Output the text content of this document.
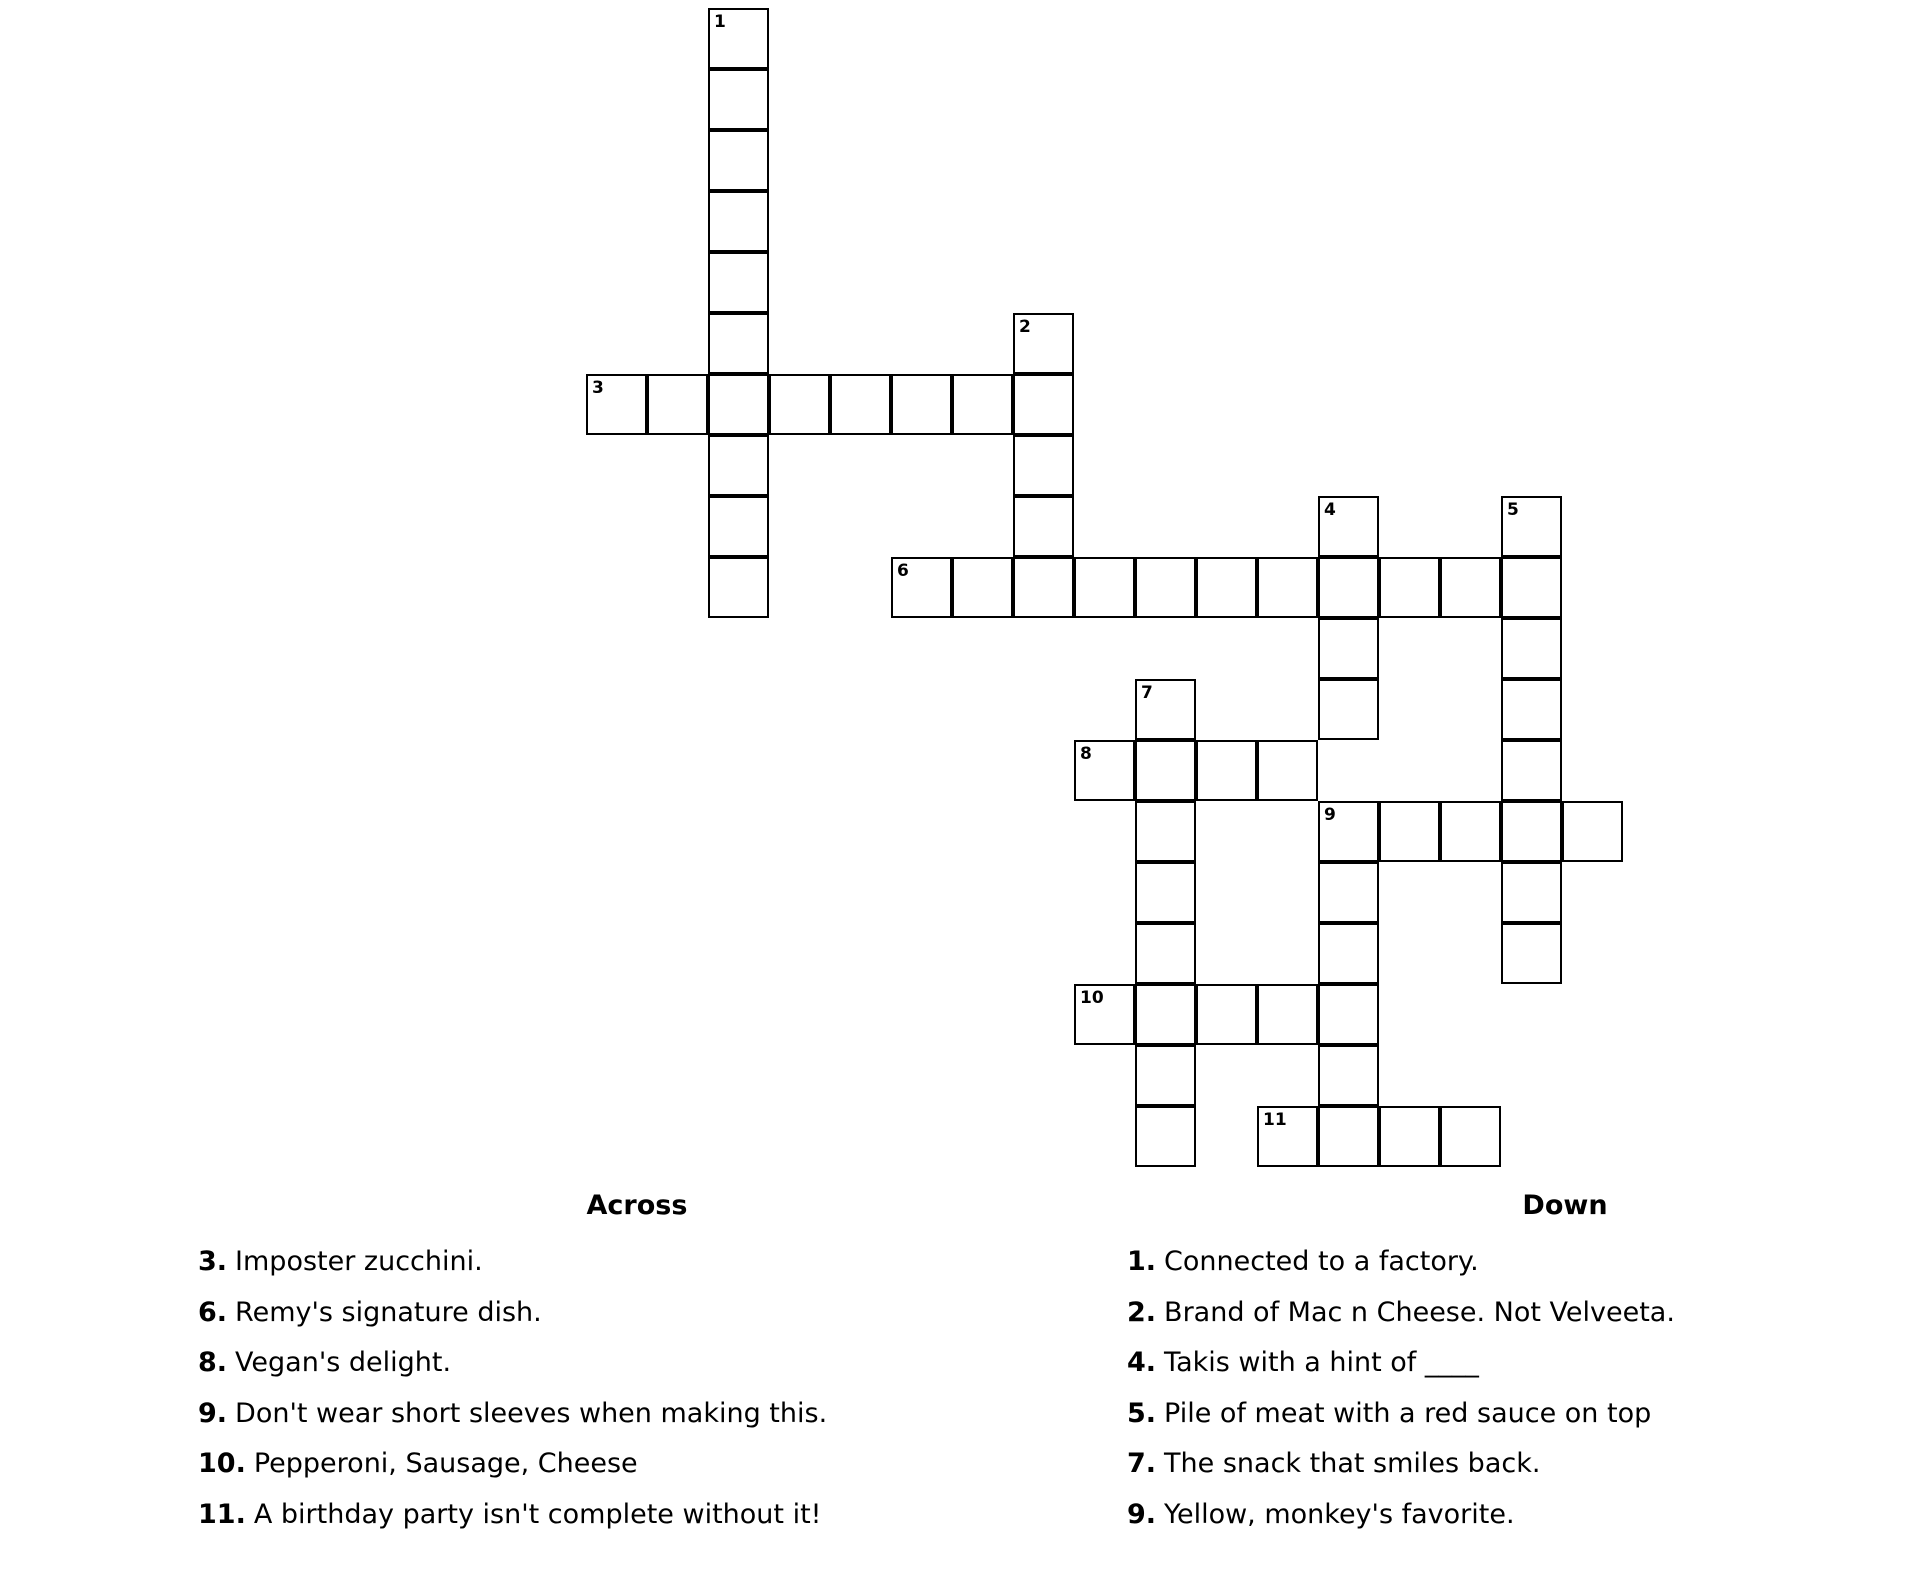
1
2
3
4	5
6
7
8
9
10
11
Across	Down
3. Imposter zucchini.
6. Remy's signature dish.
8. Vegan's delight.
9. Don't wear short sleeves when making this.
10. Pepperoni, Sausage, Cheese
11. A birthday party isn't complete without it!
1. Connected to a factory.
2. Brand of Mac n Cheese. Not Velveeta.
4. Takis with a hint of ____
5. Pile of meat with a red sauce on top
7. The snack that smiles back.
9. Yellow, monkey's favorite.
